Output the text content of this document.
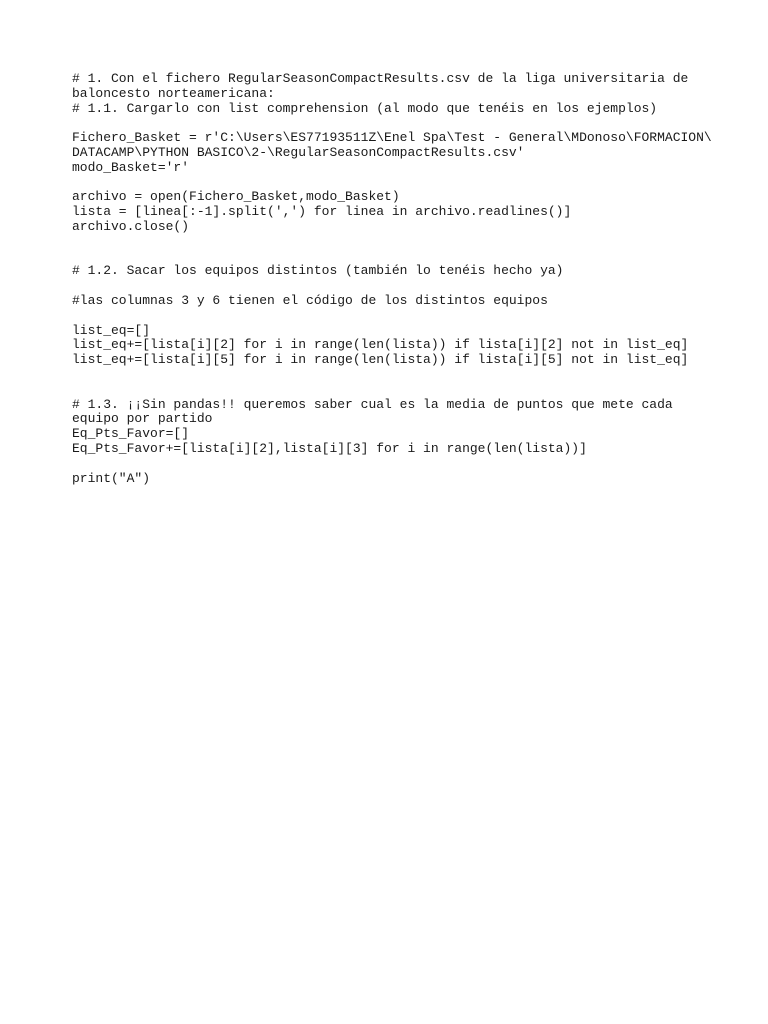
# 1. Con el fichero RegularSeasonCompactResults.csv de la liga universitaria de
baloncesto norteamericana:
# 1.1. Cargarlo con list comprehension (al modo que tenéis en los ejemplos)
Fichero_Basket = r'C:\Users\ES77193511Z\Enel Spa\Test - General\MDonoso\FORMACION\
DATACAMP\PYTHON BASICO\2-\RegularSeasonCompactResults.csv'
modo_Basket='r'
archivo = open(Fichero_Basket,modo_Basket)
lista = [linea[:-1].split(',') for linea in archivo.readlines()]
archivo.close()
# 1.2. Sacar los equipos distintos (también lo tenéis hecho ya)
#las columnas 3 y 6 tienen el código de los distintos equipos
list_eq=[]
list_eq+=[lista[i][2] for i in range(len(lista)) if lista[i][2] not in list_eq]
list_eq+=[lista[i][5] for i in range(len(lista)) if lista[i][5] not in list_eq]
# 1.3. ¡¡Sin pandas!! queremos saber cual es la media de puntos que mete cada
equipo por partido
Eq_Pts_Favor=[]
Eq_Pts_Favor+=[lista[i][2],lista[i][3] for i in range(len(lista))]
print("A")
